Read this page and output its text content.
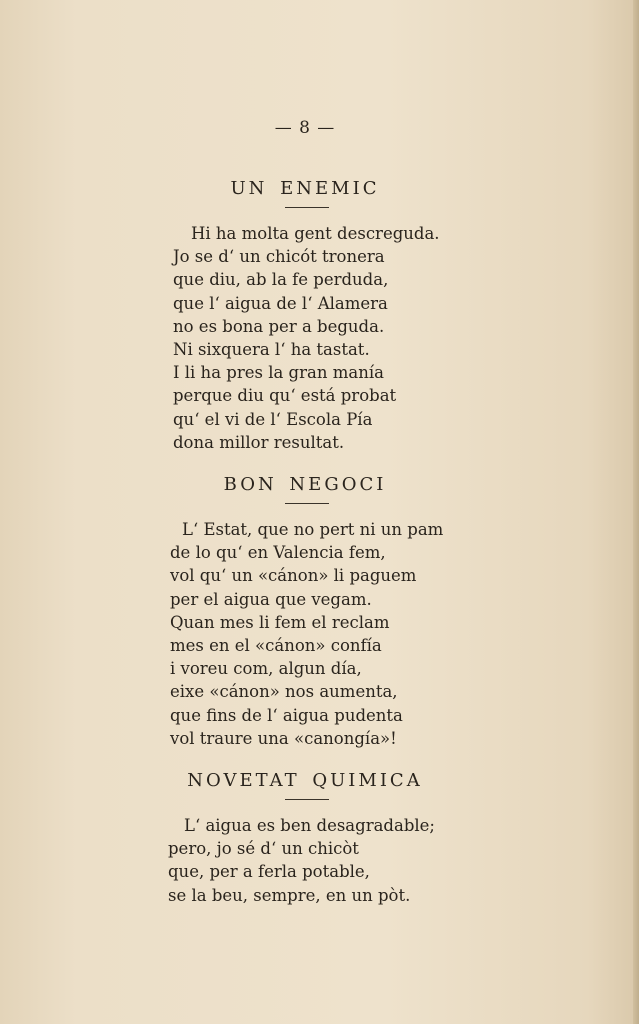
— 8 —
UN ENEMIC
Hi ha molta gent descreguda.
Jo se d‘ un chicót tronera
que diu, ab la fe perduda,
que l‘ aigua de l‘ Alamera
no es bona per a beguda.
Ni sixquera l‘ ha tastat.
I li ha pres la gran manía
perque diu qu‘ está probat
qu‘ el vi de l‘ Escola Pía
dona millor resultat.
BON NEGOCI
L‘ Estat, que no pert ni un pam
de lo qu‘ en Valencia fem,
vol qu‘ un «cánon» li paguem
per el aigua que vegam.
Quan mes li fem el reclam
mes en el «cánon» confía
i voreu com, algun día,
eixe «cánon» nos aumenta,
que fins de l‘ aigua pudenta
vol traure una «canongía»!
NOVETAT QUIMICA
L‘ aigua es ben desagradable;
pero, jo sé d‘ un chicòt
que, per a ferla potable,
se la beu, sempre, en un pòt.
